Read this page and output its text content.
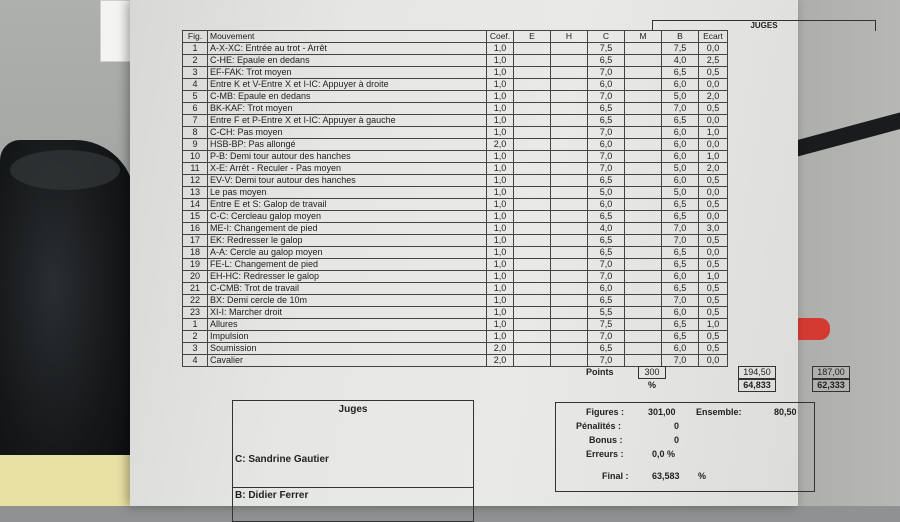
JUGES
Fig.	Mouvement	Coef.	E	H	C	M	B	Ecart
1	A-X-XC: Entrée au trot - Arrêt	1,0			7,5		7,5	0,0
2	C-HE: Epaule en dedans	1,0			6,5		4,0	2,5
3	EF-FAK: Trot moyen	1,0			7,0		6,5	0,5
4	Entre K et V-Entre X et I-IC: Appuyer à droite	1,0			6,0		6,0	0,0
5	C-MB: Epaule en dedans	1,0			7,0		5,0	2,0
6	BK-KAF: Trot moyen	1,0			6,5		7,0	0,5
7	Entre F et P-Entre X et I-IC: Appuyer à gauche	1,0			6,5		6,5	0,0
8	C-CH: Pas moyen	1,0			7,0		6,0	1,0
9	HSB-BP: Pas allongé	2,0			6,0		6,0	0,0
10	P-B: Demi tour autour des hanches	1,0			7,0		6,0	1,0
11	X-E: Arrêt - Reculer - Pas moyen	1,0			7,0		5,0	2,0
12	EV-V: Demi tour autour des hanches	1,0			6,5		6,0	0,5
13	Le pas moyen	1,0			5,0		5,0	0,0
14	Entre E et S: Galop de travail	1,0			6,0		6,5	0,5
15	C-C: Cercleau galop moyen	1,0			6,5		6,5	0,0
16	ME-I: Changement de pied	1,0			4,0		7,0	3,0
17	EK: Redresser le galop	1,0			6,5		7,0	0,5
18	A-A: Cercle au galop moyen	1,0			6,5		6,5	0,0
19	FE-L: Changement de pied	1,0			7,0		6,5	0,5
20	EH-HC: Redresser le galop	1,0			7,0		6,0	1,0
21	C-CMB: Trot de travail	1,0			6,0		6,5	0,5
22	BX: Demi cercle de 10m	1,0			6,5		7,0	0,5
23	XI-I: Marcher droit	1,0			5,5		6,0	0,5
1	Allures	1,0			7,5		6,5	1,0
2	Impulsion	1,0			7,0		6,5	0,5
3	Soumission	2,0			6,5		6,0	0,5
4	Cavalier	2,0			7,0		7,0	0,0
Points	300	194,50	187,00
%	64,833	62,333
Juges
C: Sandrine Gautier
B: Didier Ferrer
Figures :	301,00 Ensemble:	80,50
Pénalités :	0
Bonus :	0
Erreurs :	0,0 %
Final :	63,583 %
